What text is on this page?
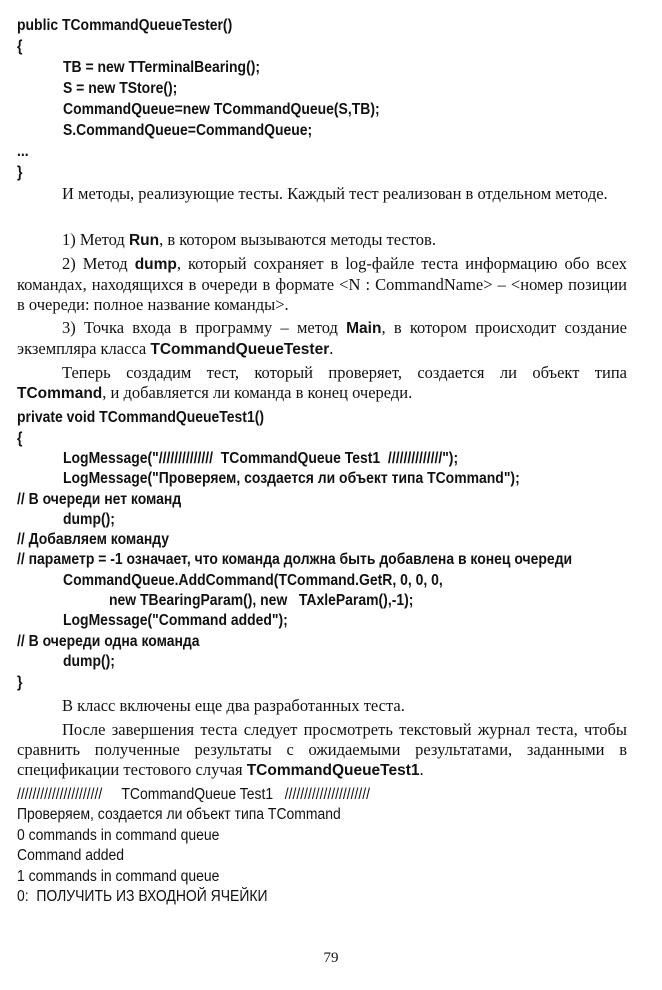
public TCommandQueueTester()
{
TB = new TTerminalBearing();
S = new TStore();
CommandQueue=new TCommandQueue(S,TB);
S.CommandQueue=CommandQueue;
...
}
И методы, реализующие тесты. Каждый тест реализован в отдельном методе.
1) Метод Run, в котором вызываются методы тестов.
2) Метод dump, который сохраняет в log-файле теста информацию обо всех командах, находящихся в очереди в формате <N : CommandName> – <номер позиции в очереди: полное название команды>.
3) Точка входа в программу – метод Main, в котором происходит создание экземпляра класса TCommandQueueTester.
Теперь создадим тест, который проверяет, создается ли объект типа TCommand, и добавляется ли команда в конец очереди.
private void TCommandQueueTest1()
{
LogMessage("//////////////  TCommandQueue Test1  //////////////");
LogMessage("Проверяем, создается ли объект типа TCommand");
// В очереди нет команд
dump();
// Добавляем команду
// параметр = -1 означает, что команда должна быть добавлена в конец очереди
CommandQueue.AddCommand(TCommand.GetR, 0, 0, 0,
new TBearingParam(), new   TAxleParam(),-1);
LogMessage("Command added");
// В очереди одна команда
dump();
}
В класс включены еще два разработанных теста.
После завершения теста следует просмотреть текстовый журнал теста, чтобы сравнить полученные результаты с ожидаемыми результатами, заданными в спецификации тестового случая TCommandQueueTest1.
//////////////////////     TCommandQueue Test1   //////////////////////
Проверяем, создается ли объект типа TCommand
0 commands in command queue
Command added
1 commands in command queue
0:  ПОЛУЧИТЬ ИЗ ВХОДНОЙ ЯЧЕЙКИ
79
